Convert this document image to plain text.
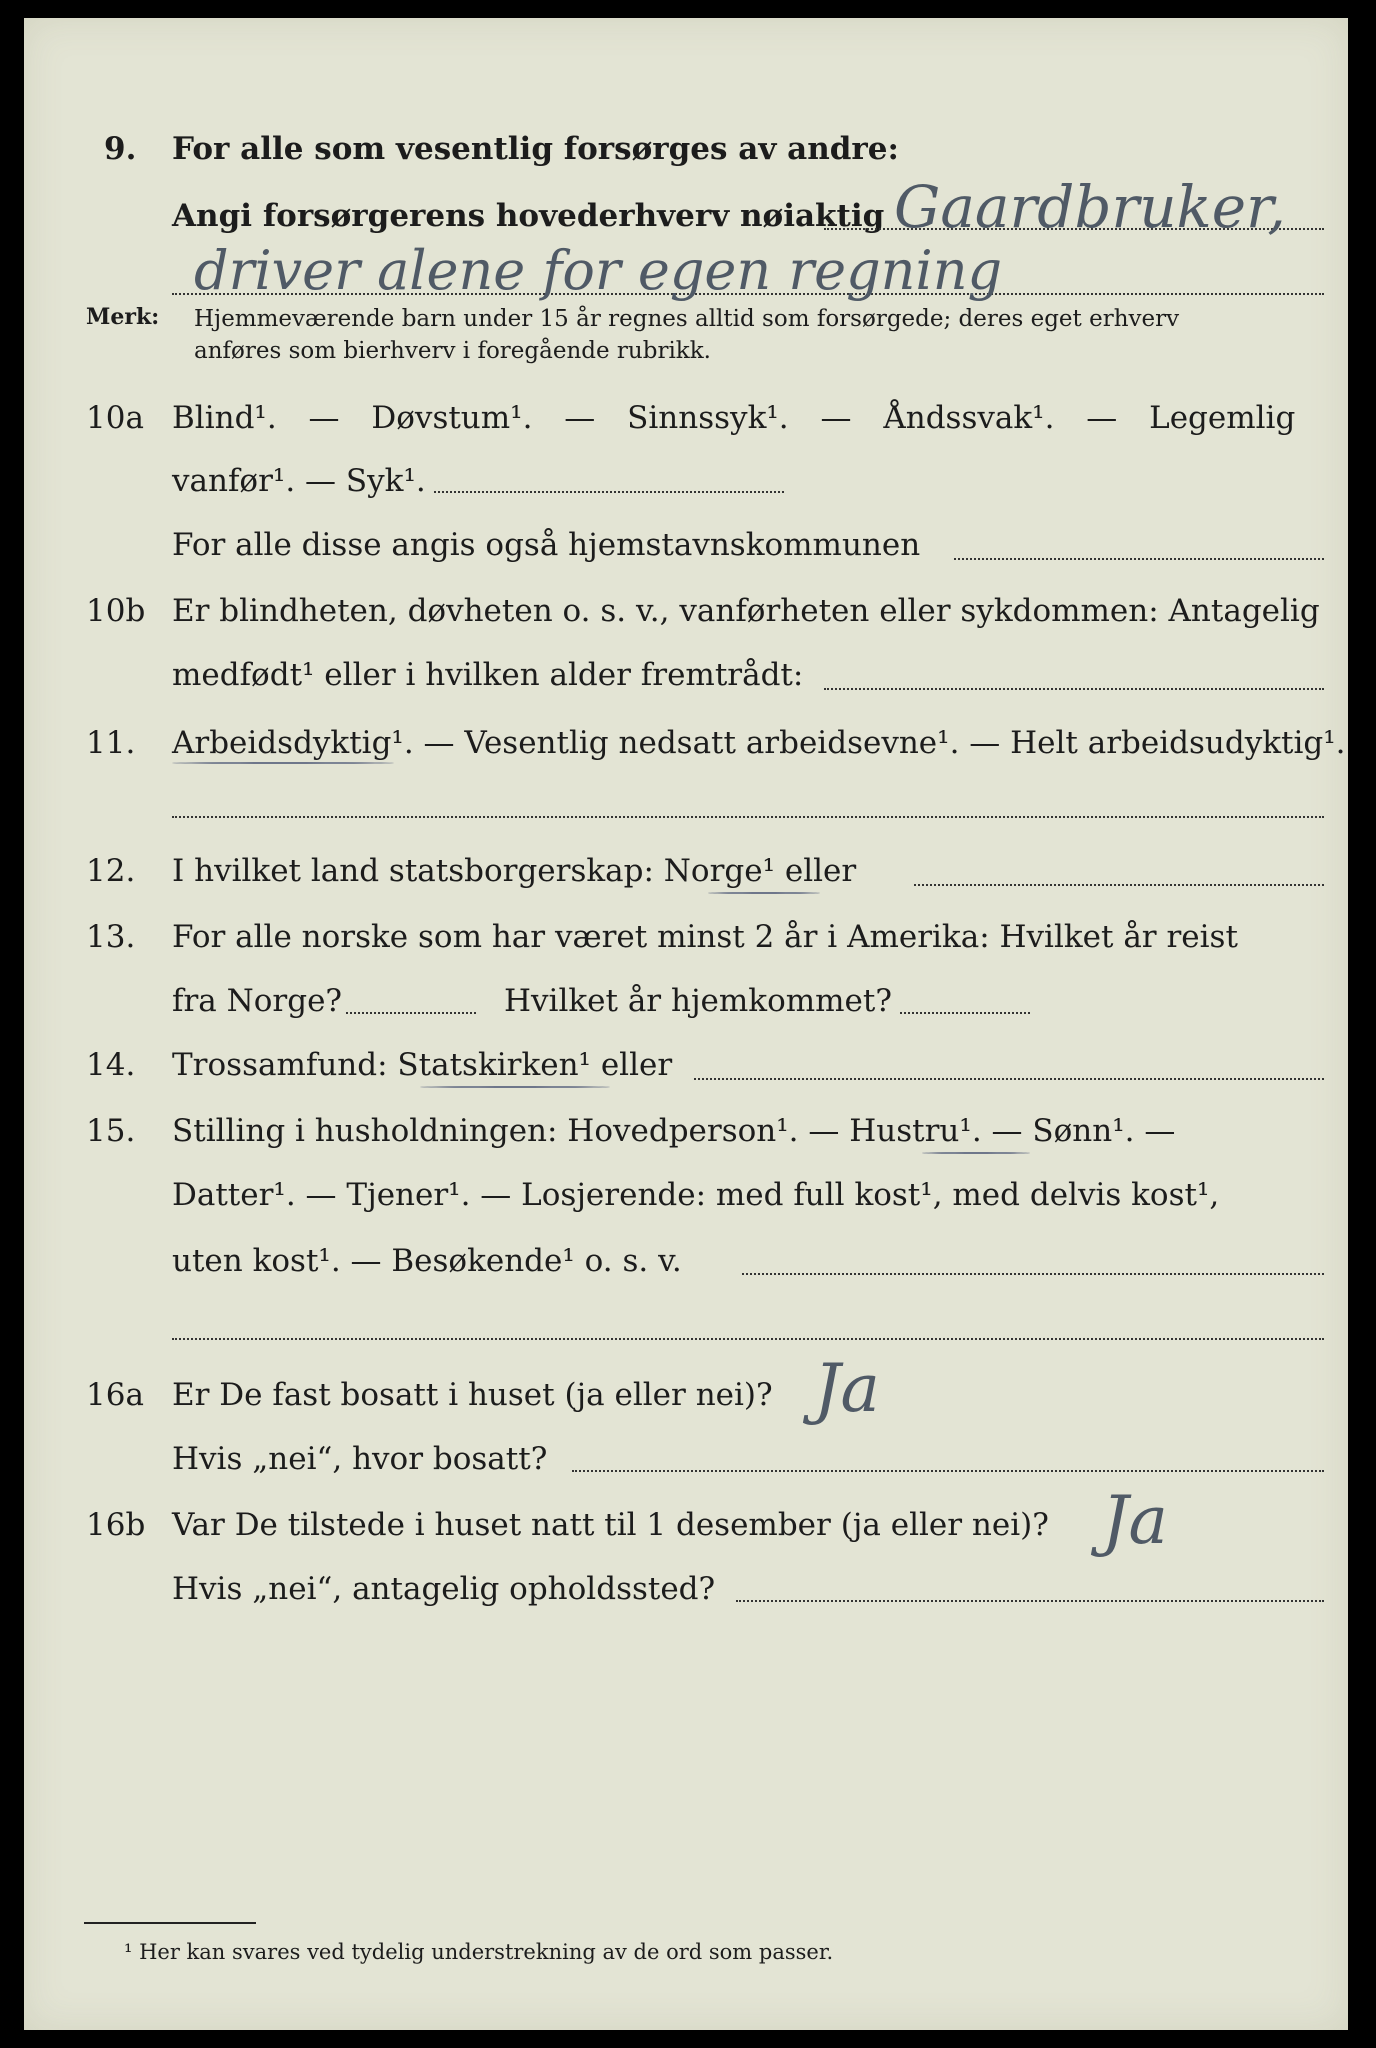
9. For alle som vesentlig forsørges av andre:
Angi forsørgerens hovederhverv nøiaktig Gaardbruker,
driver alene for egen regning
Merk: Hjemmeværende barn under 15 år regnes alltid som forsørgede; deres eget erhverv
anføres som bierhverv i foregående rubrikk.
10a Blind¹. — Døvstum¹. — Sinnssyk¹. — Åndssvak¹. — Legemlig
vanfør¹. — Syk¹.
For alle disse angis også hjemstavnskommunen
10b Er blindheten, døvheten o. s. v., vanførheten eller sykdommen: Antagelig
medfødt¹ eller i hvilken alder fremtrådt:
11. Arbeidsdyktig¹. — Vesentlig nedsatt arbeidsevne¹. — Helt arbeidsudyktig¹.
12. I hvilket land statsborgerskap: Norge¹ eller
13. For alle norske som har været minst 2 år i Amerika: Hvilket år reist
fra Norge?	Hvilket år hjemkommet?
14. Trossamfund: Statskirken¹ eller
15. Stilling i husholdningen: Hovedperson¹. — Hustru¹. — Sønn¹. —
Datter¹. — Tjener¹. — Losjerende: med full kost¹, med delvis kost¹,
uten kost¹. — Besøkende¹ o. s. v.
16a Er De fast bosatt i huset (ja eller nei)? Ja
Hvis „nei“, hvor bosatt?
16b Var De tilstede i huset natt til 1 desember (ja eller nei)? Ja
Hvis „nei“, antagelig opholdssted?
¹ Her kan svares ved tydelig understrekning av de ord som passer.
